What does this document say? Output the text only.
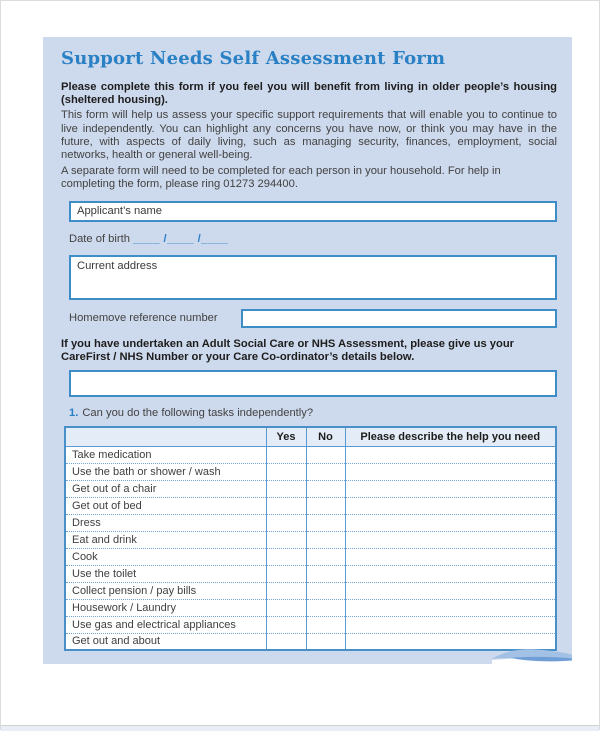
Support Needs Self Assessment Form
Please complete this form if you feel you will benefit from living in older people’s housing (sheltered housing).
This form will help us assess your specific support requirements that will enable you to continue to live independently. You can highlight any concerns you have now, or think you may have in the future, with aspects of daily living, such as managing security, finances, employment, social networks, health or general well-being.
A separate form will need to be completed for each person in your household. For help in completing the form, please ring 01273 294400.
Applicant’s name
Date of birth ____ /____ /____
Current address
Homemove reference number
If you have undertaken an Adult Social Care or NHS Assessment, please give us your CareFirst / NHS Number or your Care Co-ordinator’s details below.
1. Can you do the following tasks independently?
	Yes	No	Please describe the help you need
Take medication			
Use the bath or shower / wash			
Get out of a chair			
Get out of bed			
Dress			
Eat and drink			
Cook			
Use the toilet			
Collect pension / pay bills			
Housework / Laundry			
Use gas and electrical appliances			
Get out and about			
